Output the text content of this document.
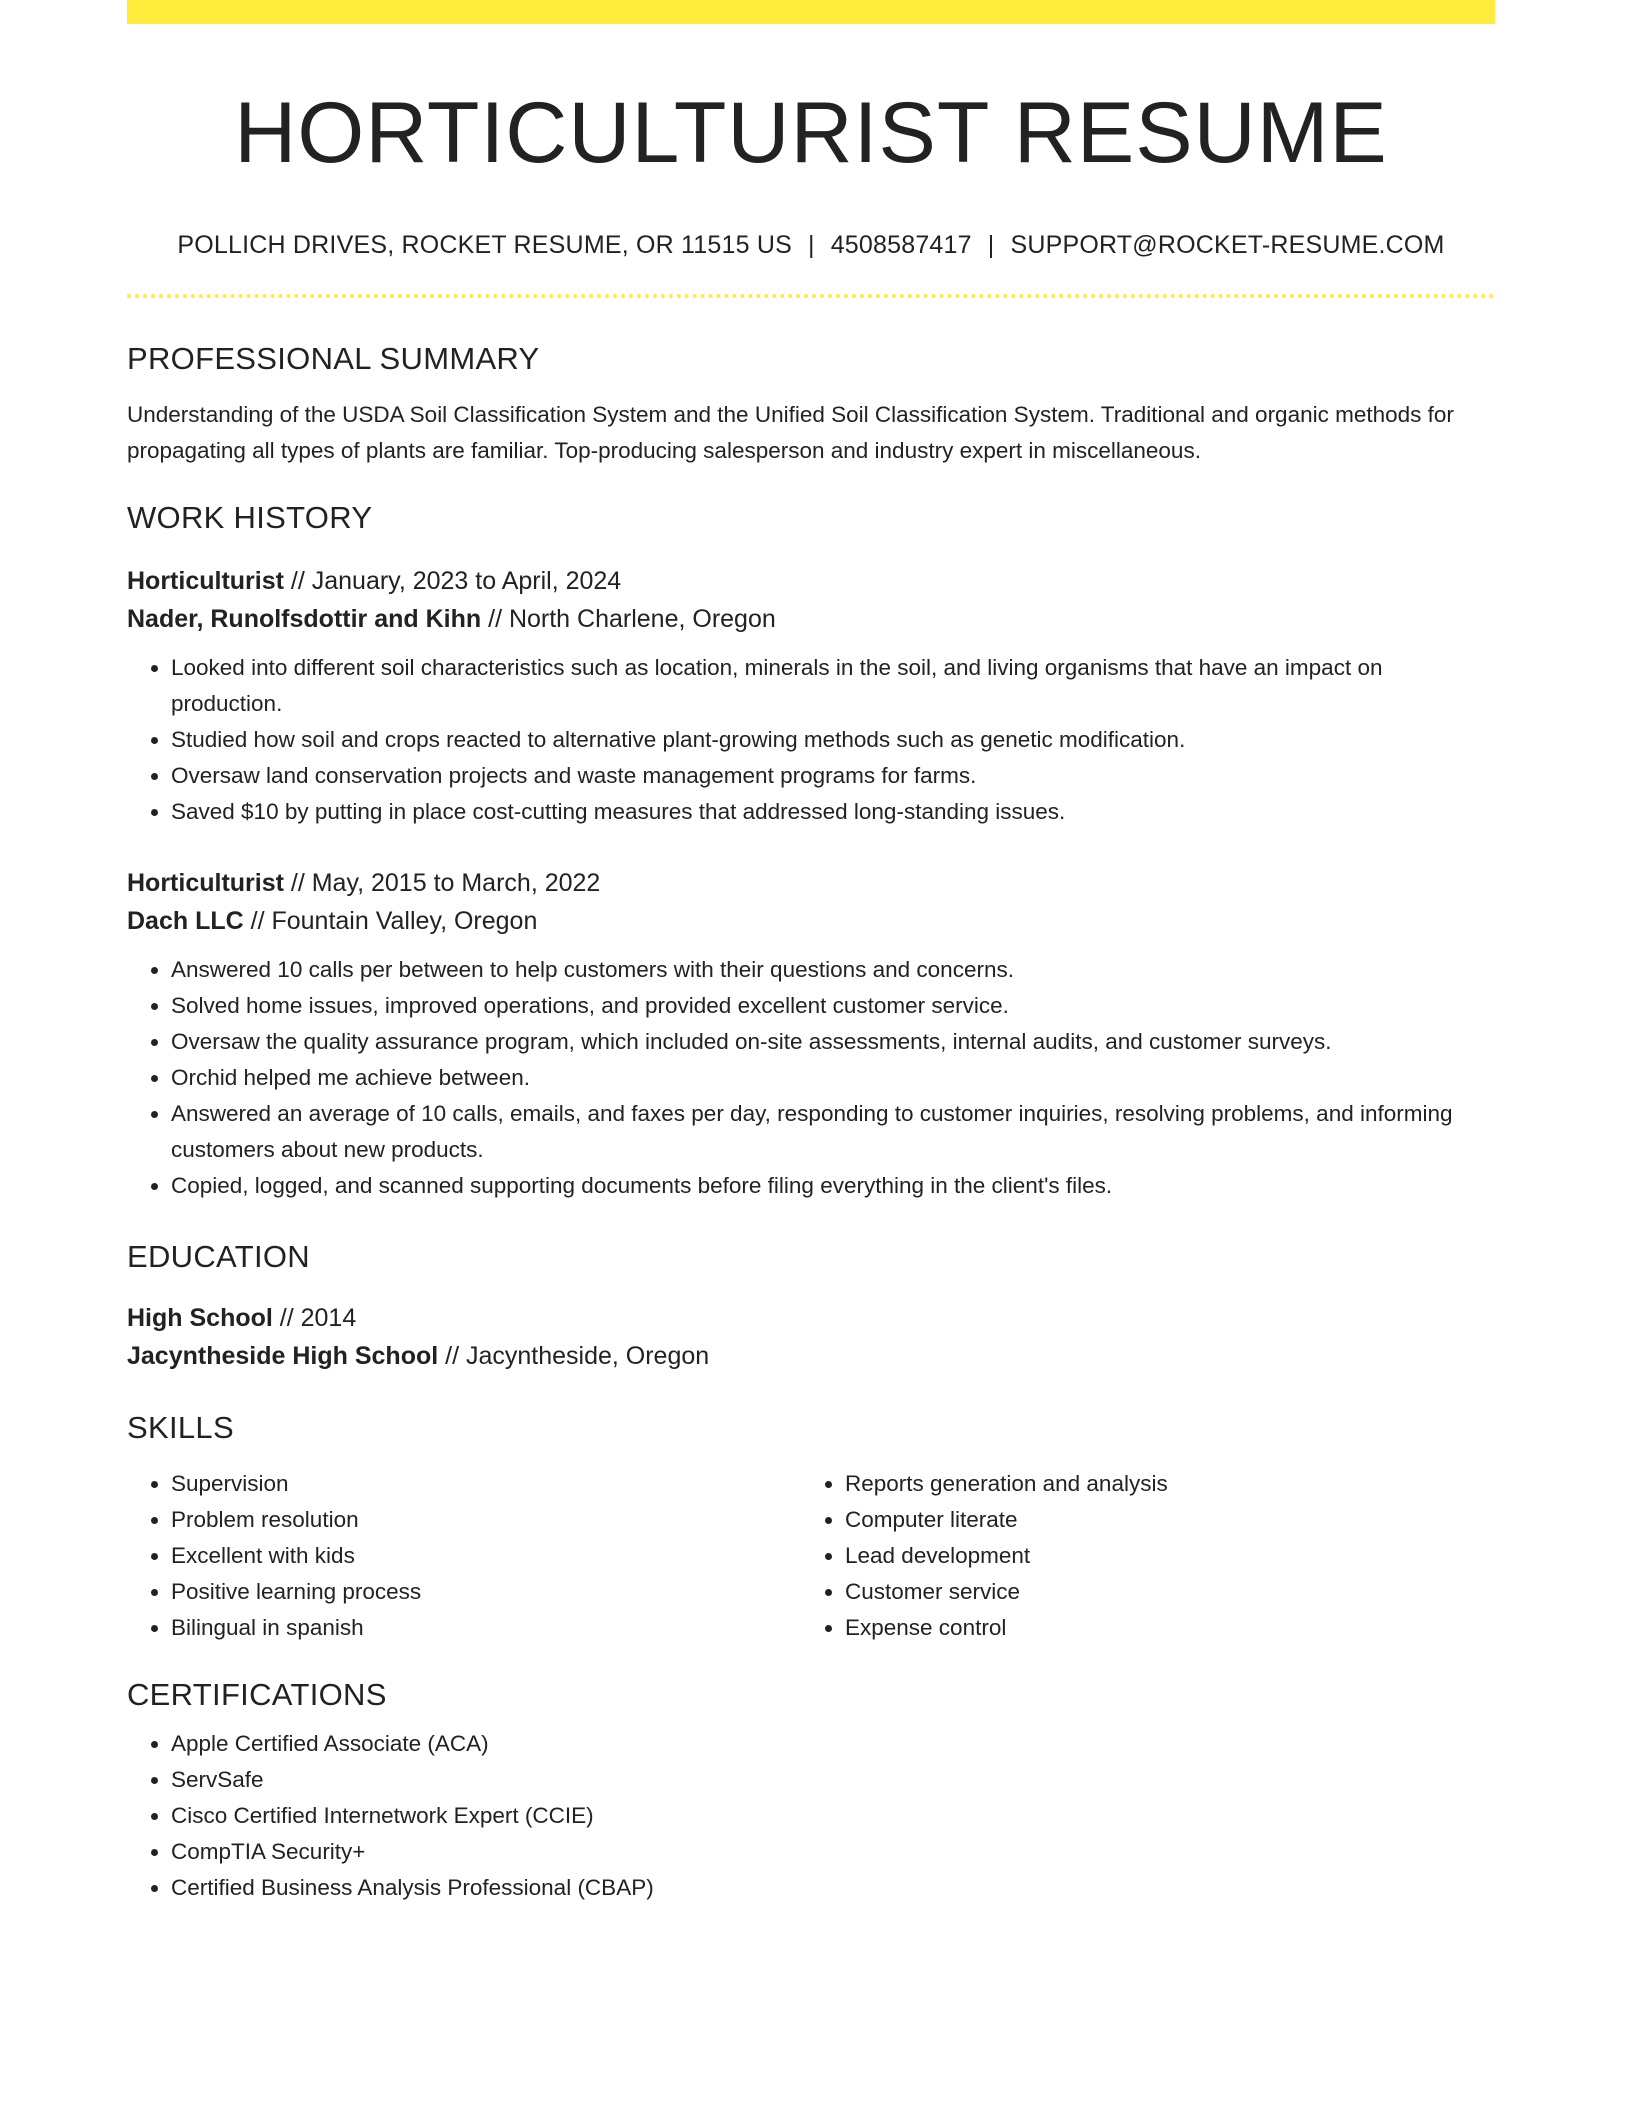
HORTICULTURIST RESUME
POLLICH DRIVES, ROCKET RESUME, OR 11515 US | 4508587417 | SUPPORT@ROCKET-RESUME.COM
PROFESSIONAL SUMMARY
Understanding of the USDA Soil Classification System and the Unified Soil Classification System. Traditional and organic methods for propagating all types of plants are familiar. Top-producing salesperson and industry expert in miscellaneous.
WORK HISTORY
Horticulturist // January, 2023 to April, 2024
Nader, Runolfsdottir and Kihn // North Charlene, Oregon
• Looked into different soil characteristics such as location, minerals in the soil, and living organisms that have an impact on production.
• Studied how soil and crops reacted to alternative plant-growing methods such as genetic modification.
• Oversaw land conservation projects and waste management programs for farms.
• Saved $10 by putting in place cost-cutting measures that addressed long-standing issues.
Horticulturist // May, 2015 to March, 2022
Dach LLC // Fountain Valley, Oregon
• Answered 10 calls per between to help customers with their questions and concerns.
• Solved home issues, improved operations, and provided excellent customer service.
• Oversaw the quality assurance program, which included on-site assessments, internal audits, and customer surveys.
• Orchid helped me achieve between.
• Answered an average of 10 calls, emails, and faxes per day, responding to customer inquiries, resolving problems, and informing customers about new products.
• Copied, logged, and scanned supporting documents before filing everything in the client's files.
EDUCATION
High School // 2014
Jacyntheside High School // Jacyntheside, Oregon
SKILLS
• Supervision
• Problem resolution
• Excellent with kids
• Positive learning process
• Bilingual in spanish
• Reports generation and analysis
• Computer literate
• Lead development
• Customer service
• Expense control
CERTIFICATIONS
• Apple Certified Associate (ACA)
• ServSafe
• Cisco Certified Internetwork Expert (CCIE)
• CompTIA Security+
• Certified Business Analysis Professional (CBAP)
